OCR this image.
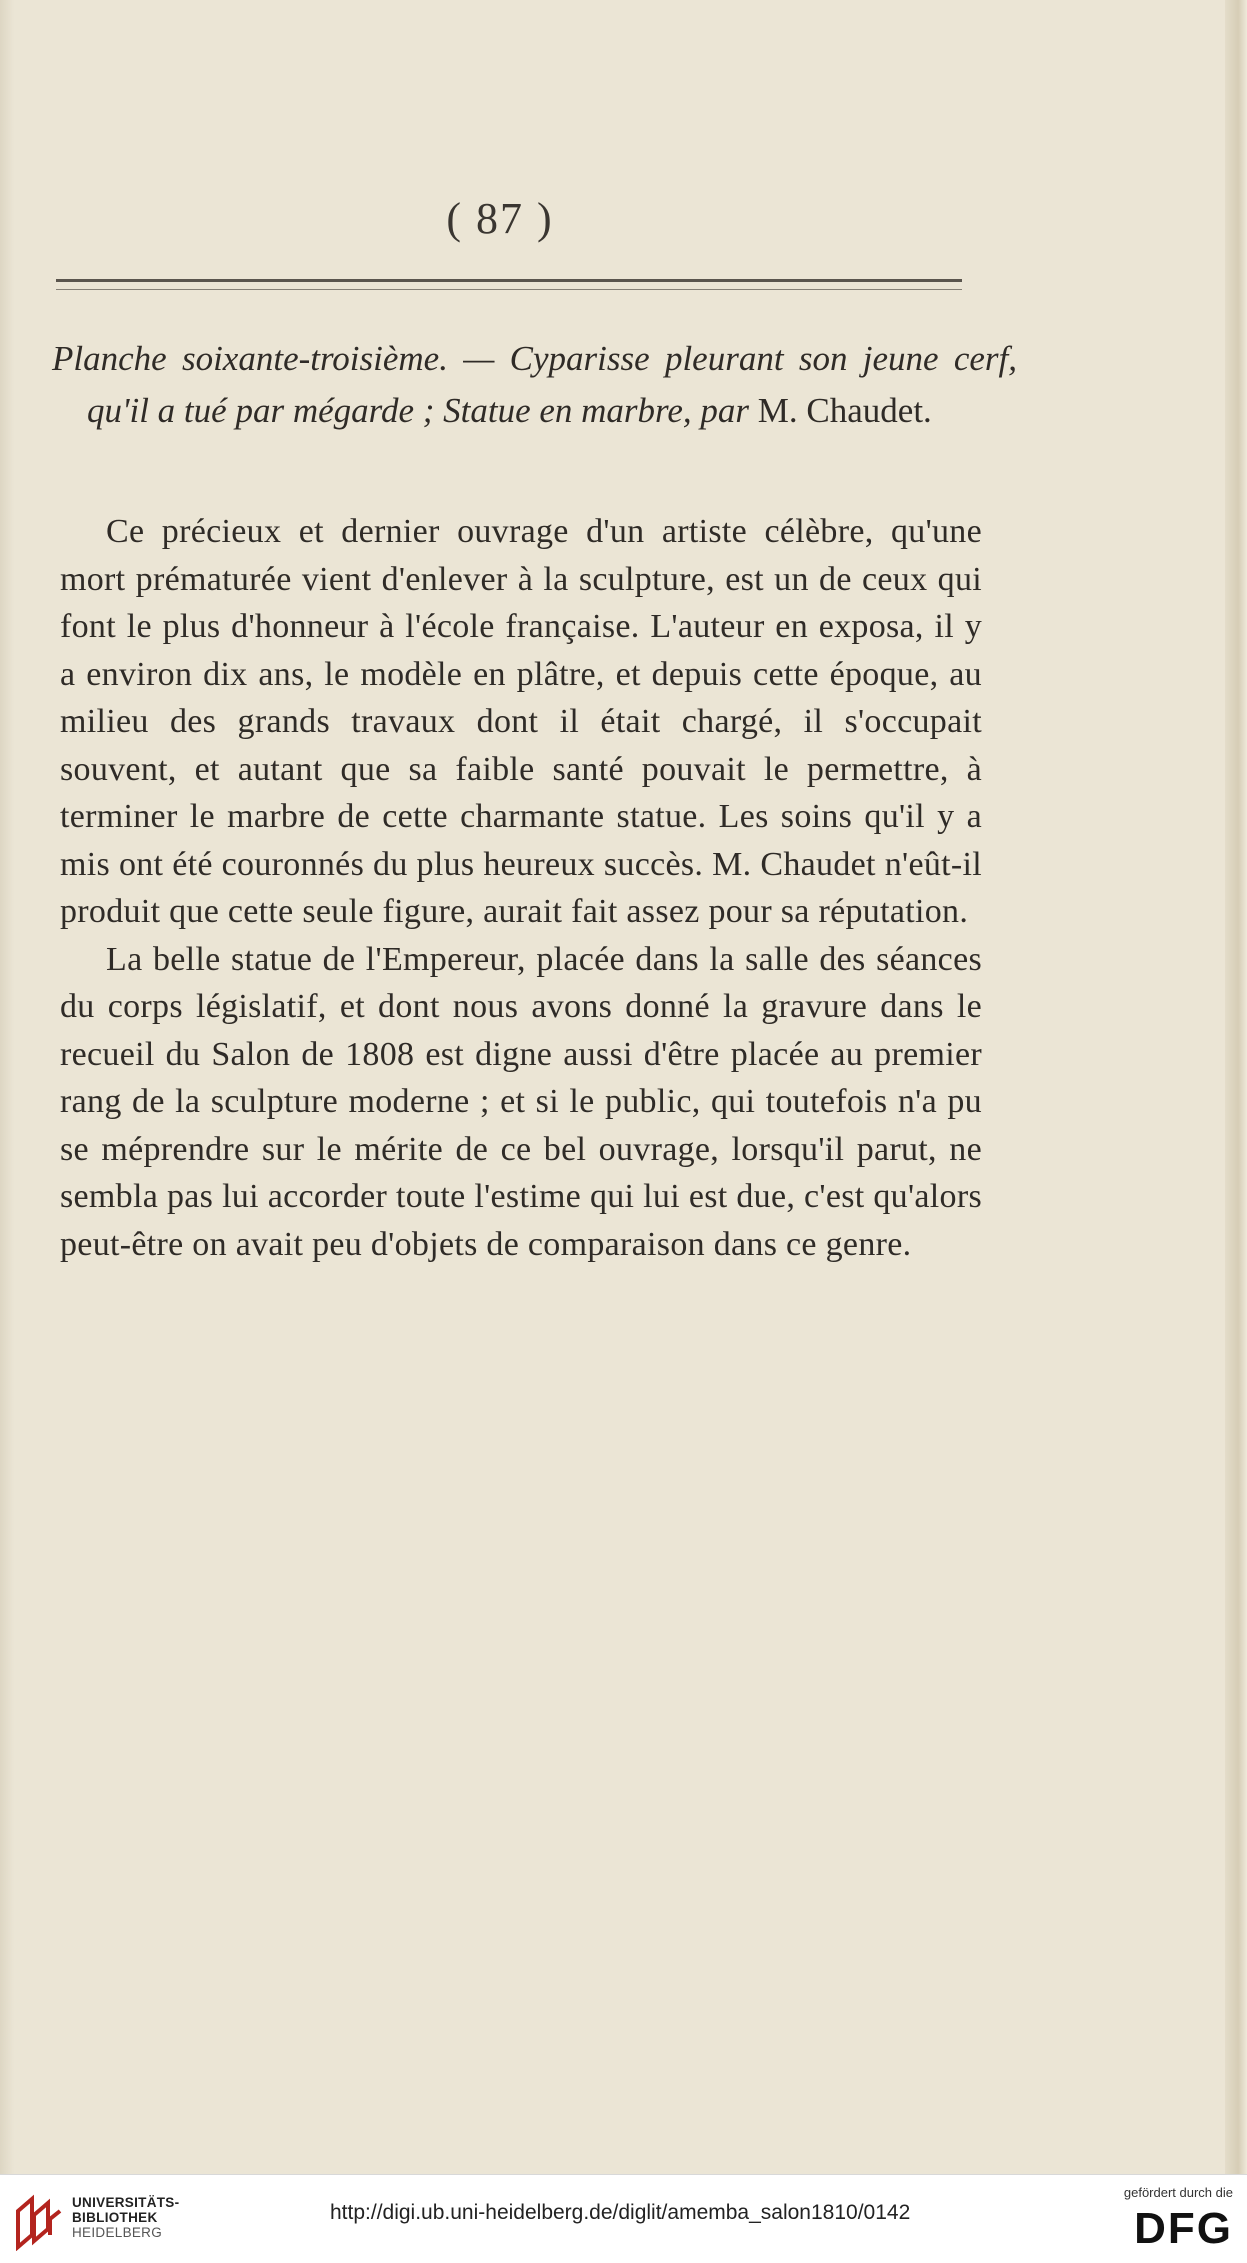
( 87 )
Planche soixante-troisième. — Cyparisse pleurant son jeune cerf, qu'il a tué par mégarde ; Statue en marbre, par M. Chaudet.

Ce précieux et dernier ouvrage d'un artiste célèbre, qu'une mort prématurée vient d'enlever à la sculpture, est un de ceux qui font le plus d'honneur à l'école française. L'auteur en exposa, il y a environ dix ans, le modèle en plâtre, et depuis cette époque, au milieu des grands travaux dont il était chargé, il s'occupait souvent, et autant que sa faible santé pouvait le permettre, à terminer le marbre de cette charmante statue. Les soins qu'il y a mis ont été couronnés du plus heureux succès. M. Chaudet n'eût-il produit que cette seule figure, aurait fait assez pour sa réputation.

La belle statue de l'Empereur, placée dans la salle des séances du corps législatif, et dont nous avons donné la gravure dans le recueil du Salon de 1808 est digne aussi d'être placée au premier rang de la sculpture moderne ; et si le public, qui toutefois n'a pu se méprendre sur le mérite de ce bel ouvrage, lorsqu'il parut, ne sembla pas lui accorder toute l'estime qui lui est due, c'est qu'alors peut-être on avait peu d'objets de comparaison dans ce genre.

UNIVERSITÄTS-
BIBLIOTHEK
HEIDELBERG
http://digi.ub.uni-heidelberg.de/diglit/amemba_salon1810/0142
gefördert durch die
DFG
